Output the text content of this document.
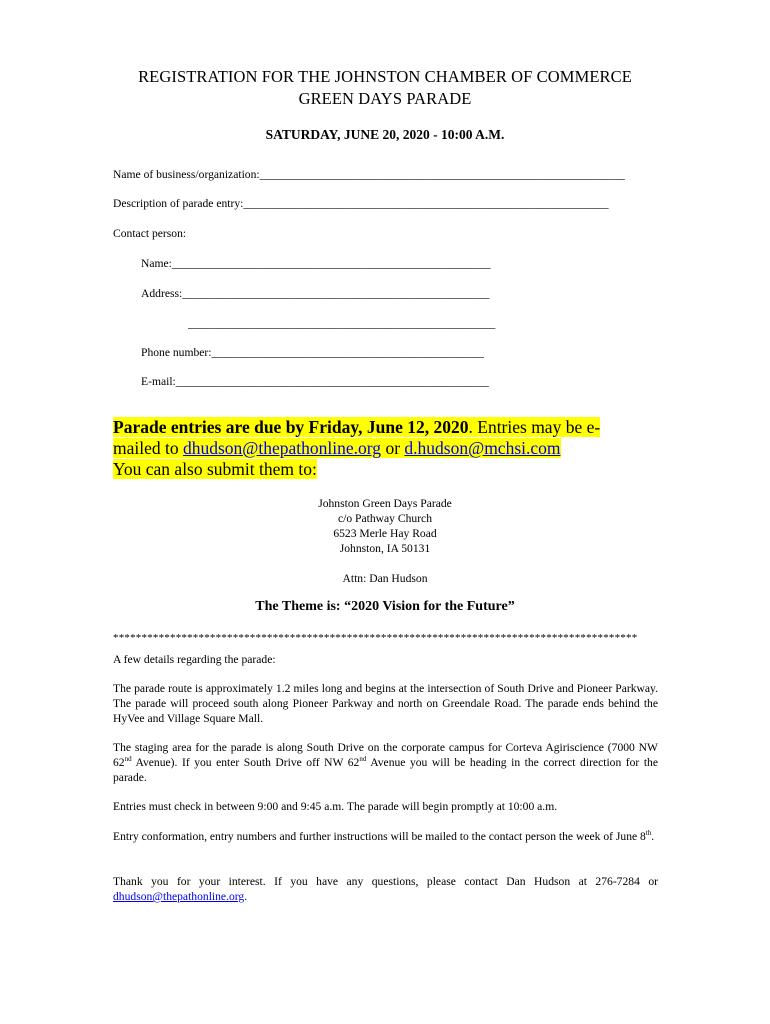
REGISTRATION FOR THE JOHNSTON CHAMBER OF COMMERCE
GREEN DAYS PARADE
SATURDAY, JUNE 20, 2020 - 10:00 A.M.
Name of business/organization:_______________________________________________________________
Description of parade entry:_______________________________________________________________
Contact person:
Name:_______________________________________________________
Address:_____________________________________________________
_____________________________________________________
Phone number:_______________________________________________
E-mail:______________________________________________________
Parade entries are due by Friday, June 12, 2020. Entries may be e-mailed to dhudson@thepathonline.org or d.hudson@mchsi.com
You can also submit them to:
Johnston Green Days Parade
c/o Pathway Church
6523 Merle Hay Road
Johnston, IA 50131
Attn: Dan Hudson
The Theme is: “2020 Vision for the Future”
********************************************************************************************
A few details regarding the parade:
The parade route is approximately 1.2 miles long and begins at the intersection of South Drive and Pioneer Parkway. The parade will proceed south along Pioneer Parkway and north on Greendale Road. The parade ends behind the HyVee and Village Square Mall.
The staging area for the parade is along South Drive on the corporate campus for Corteva Agiriscience (7000 NW 62nd Avenue). If you enter South Drive off NW 62nd Avenue you will be heading in the correct direction for the parade.
Entries must check in between 9:00 and 9:45 a.m. The parade will begin promptly at 10:00 a.m.
Entry conformation, entry numbers and further instructions will be mailed to the contact person the week of June 8th.
Thank you for your interest. If you have any questions, please contact Dan Hudson at 276-7284 or dhudson@thepathonline.org.
